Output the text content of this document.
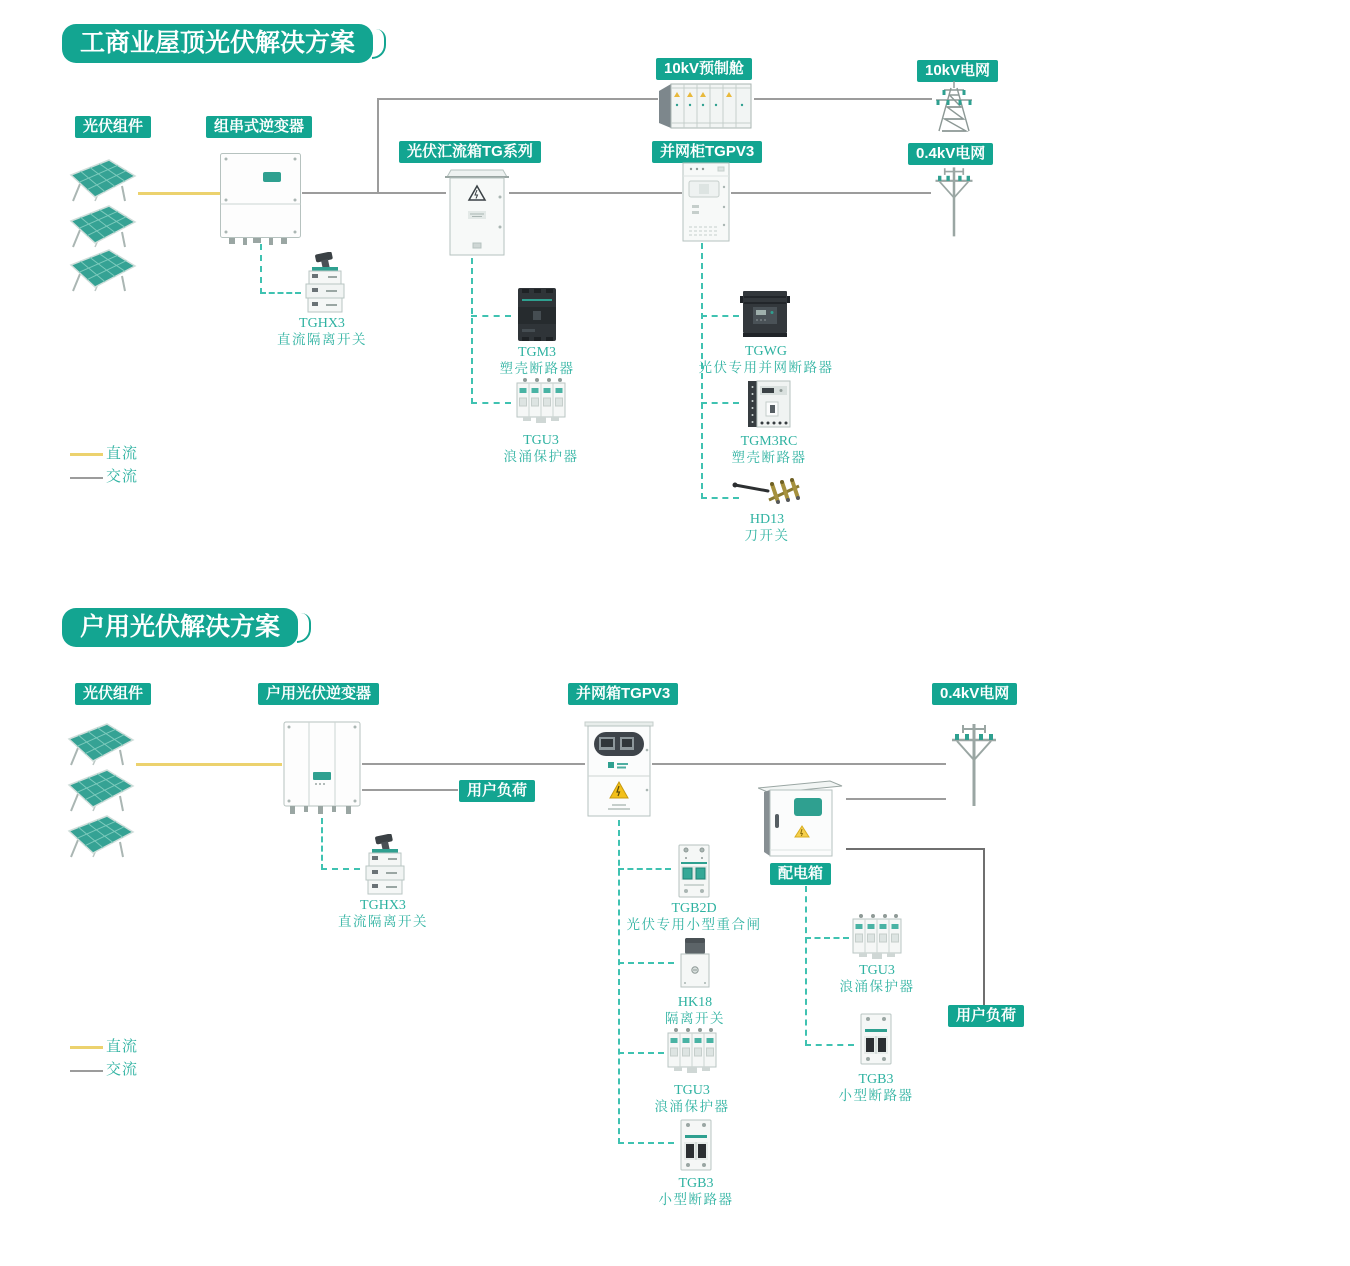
工商业屋顶光伏解决方案
光伏组件	组串式逆变器
光伏汇流箱TG系列	并网柜TGPV3
10kV预制舱	10kV电网
0.4kV电网
TGHX3
直流隔离开关
TGM3
塑壳断路器
TGU3
浪涌保护器
TGWG
光伏专用并网断路器
TGM3RC
塑壳断路器
HD13
刀开关
直流
交流
户用光伏解决方案
光伏组件	户用光伏逆变器	并网箱TGPV3	0.4kV电网
用户负荷
配电箱
用户负荷
TGHX3
直流隔离开关
TGB2D
光伏专用小型重合闸
HK18
隔离开关
TGU3
浪涌保护器
TGB3
小型断路器
TGU3
浪涌保护器
TGB3
小型断路器
直流
交流
